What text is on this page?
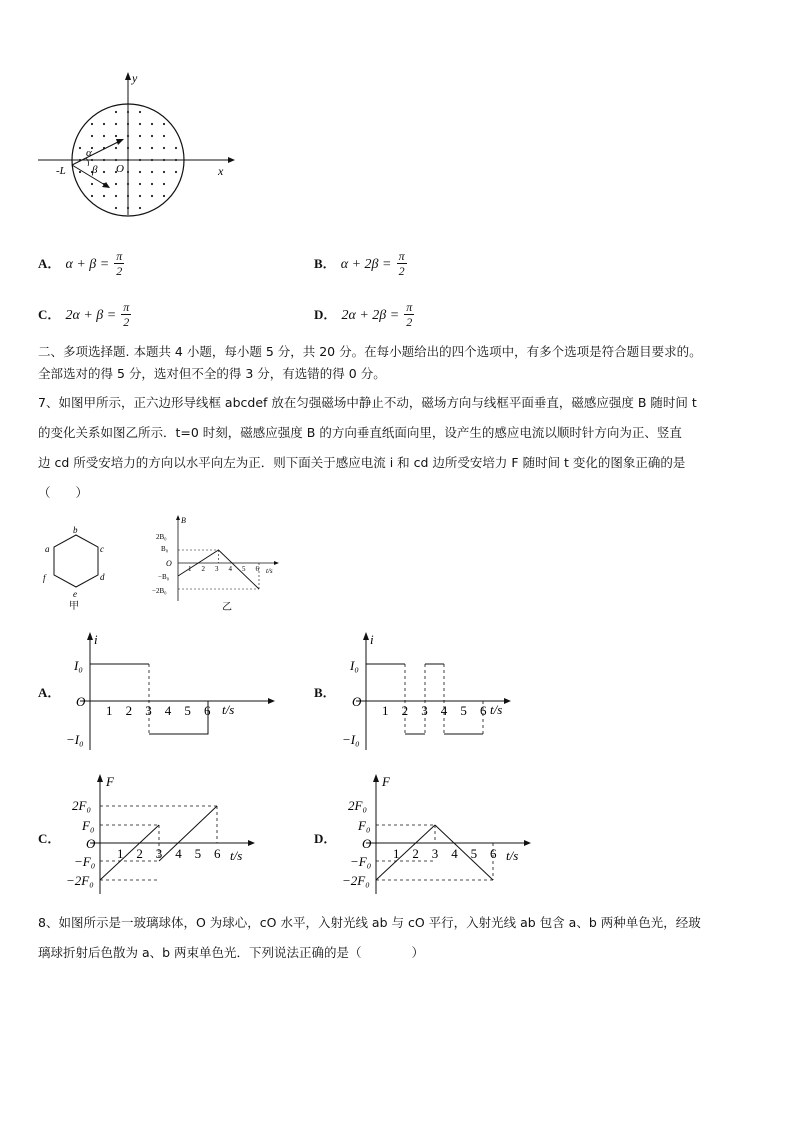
x
y
O
-L
α
β
A． $\alpha + \beta = \frac{\pi}{2}$	B． $\alpha + 2\beta = \frac{\pi}{2}$
C． $2\alpha + \beta = \frac{\pi}{2}$	D． $2\alpha + 2\beta = \frac{\pi}{2}$
二、多项选择题. 本题共 4 小题，每小题 5 分，共 20 分。在每小题给出的四个选项中，有多个选项是符合题目要求的。
全部选对的得 5 分，选对但不全的得 3 分，有选错的得 0 分。
7、如图甲所示，正六边形导线框 abcdef 放在匀强磁场中静止不动，磁场方向与线框平面垂直，磁感应强度 B 随时间 t
的变化关系如图乙所示．t=0 时刻，磁感应强度 B 的方向垂直纸面向里，设产生的感应电流以顺时针方向为正、竖直
边 cd 所受安培力的方向以水平向左为正．则下面关于感应电流 i 和 cd 边所受安培力 F 随时间 t 变化的图象正确的是
（　　）
a
b
c
d
e
f
甲
B
2B₀
B₀
O
−B₀
−2B₀
1 2 3 4 5 6 t/s
乙
A．
i
I₀
O
−I₀
1 2 3 4 5 6 t/s
B．
i
I₀
O
−I₀
1 2 3 4 5 6 t/s
C．
F
2F₀
F₀
O
−F₀
−2F₀
1 2 3 4 5 6 t/s
D．
F
2F₀
F₀
O
−F₀
−2F₀
1 2 3 4 5 6 t/s
8、如图所示是一玻璃球体，O 为球心，cO 水平，入射光线 ab 与 cO 平行，入射光线 ab 包含 a、b 两种单色光，经玻
璃球折射后色散为 a、b 两束单色光．下列说法正确的是（　　　　）
